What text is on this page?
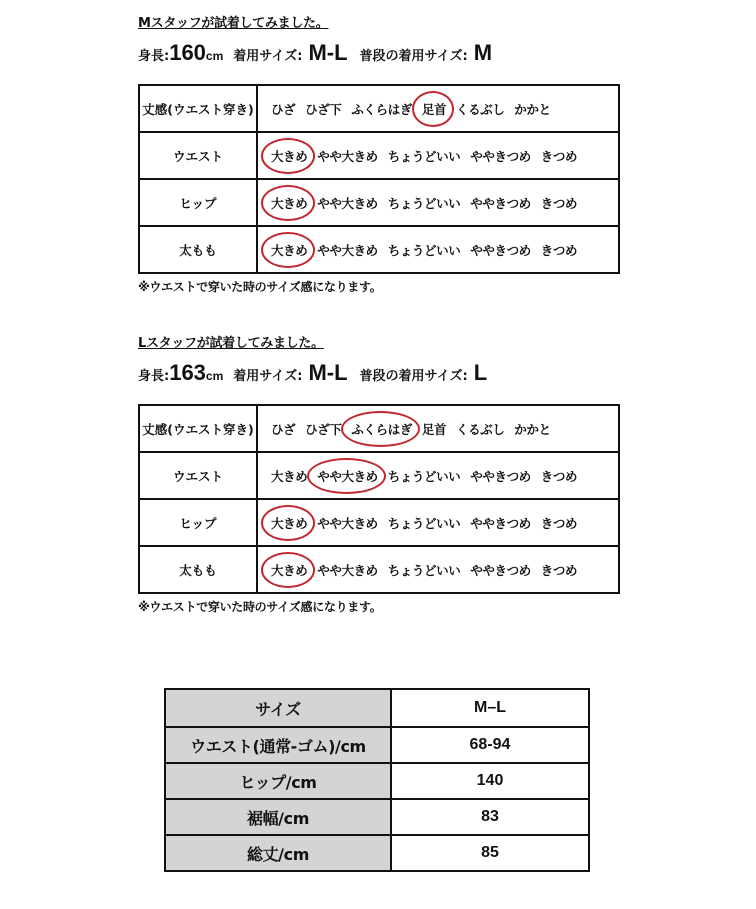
Mスタッフが試着してみました。
身長: 160 cm 着用サイズ: M-L 普段の着用サイズ: M
丈感(ウエスト穿き)	ひざ ひざ下 ふくらはぎ 足首 くるぶし かかと
ウエスト	大きめ やや大きめ ちょうどいい ややきつめ きつめ
ヒップ	大きめ やや大きめ ちょうどいい ややきつめ きつめ
太もも	大きめ やや大きめ ちょうどいい ややきつめ きつめ
※ウエストで穿いた時のサイズ感になります。
Lスタッフが試着してみました。
身長: 163 cm 着用サイズ: M-L 普段の着用サイズ: L
丈感(ウエスト穿き)	ひざ ひざ下 ふくらはぎ 足首 くるぶし かかと
ウエスト	大きめ やや大きめ ちょうどいい ややきつめ きつめ
ヒップ	大きめ やや大きめ ちょうどいい ややきつめ きつめ
太もも	大きめ やや大きめ ちょうどいい ややきつめ きつめ
※ウエストで穿いた時のサイズ感になります。
サイズ	M–L
ウエスト(通常-ゴム)/cm	68-94
ヒップ/cm	140
裾幅/cm	83
総丈/cm	85
